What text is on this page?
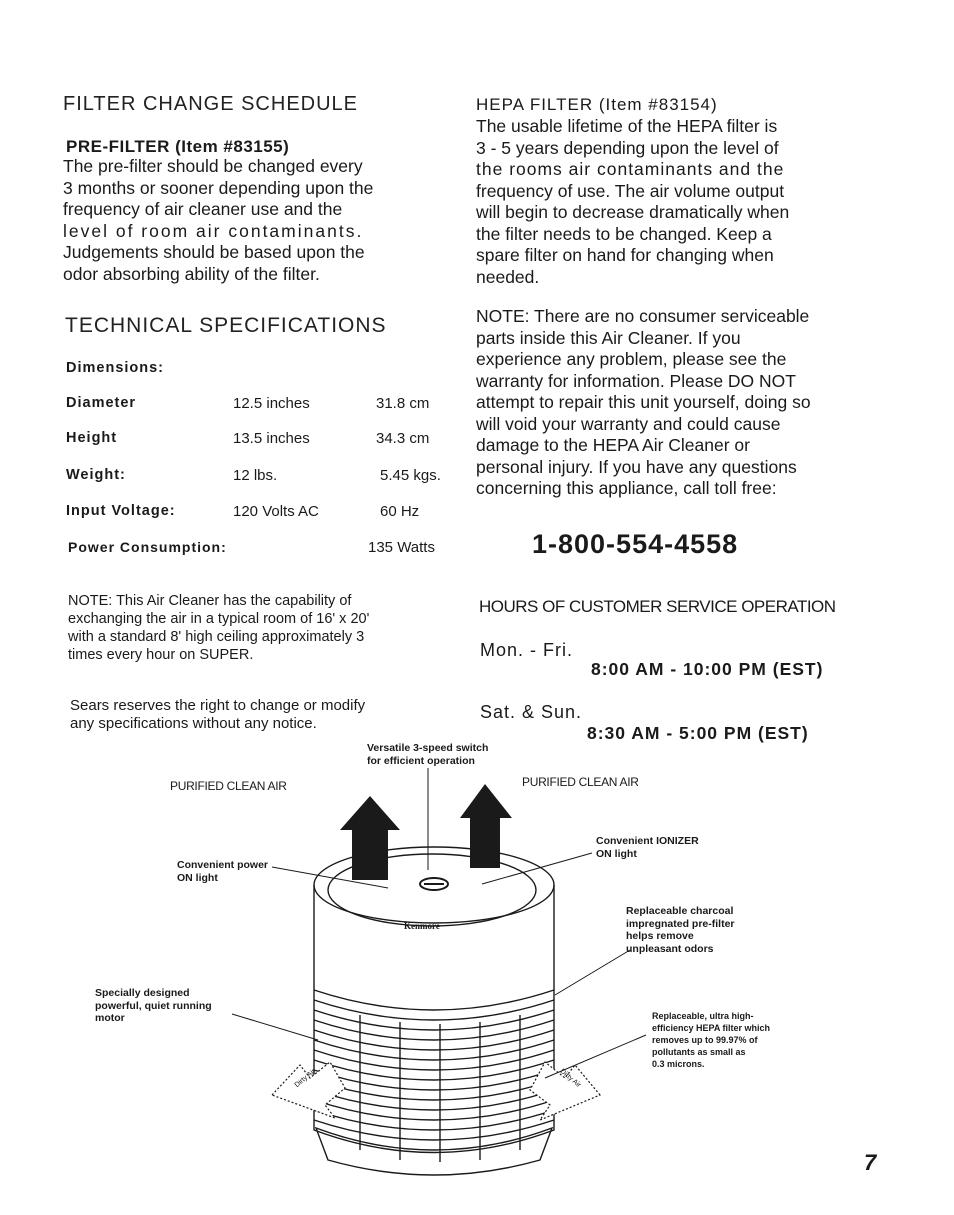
FILTER CHANGE SCHEDULE
PRE-FILTER (Item #83155)
The pre-filter should be changed every
3 months or sooner depending upon the
frequency of air cleaner use and the
level of room air contaminants.
Judgements should be based upon the
odor absorbing ability of the filter.
TECHNICAL SPECIFICATIONS
Dimensions:
Diameter	12.5 inches	31.8 cm
Height	13.5 inches	34.3 cm
Weight:	12 lbs.	5.45 kgs.
Input Voltage:	120 Volts AC	60 Hz
Power Consumption:	135 Watts
NOTE: This Air Cleaner has the capability of
exchanging the air in a typical room of 16' x 20'
with a standard 8' high ceiling approximately 3
times every hour on SUPER.
Sears reserves the right to change or modify
any specifications without any notice.
HEPA FILTER (Item #83154)
The usable lifetime of the HEPA filter is
3 - 5 years depending upon the level of
the rooms air contaminants and the
frequency of use. The air volume output
will begin to decrease dramatically when
the filter needs to be changed. Keep a
spare filter on hand for changing when
needed.
NOTE: There are no consumer serviceable
parts inside this Air Cleaner. If you
experience any problem, please see the
warranty for information. Please DO NOT
attempt to repair this unit yourself, doing so
will void your warranty and could cause
damage to the HEPA Air Cleaner or
personal injury. If you have any questions
concerning this appliance, call toll free:
1-800-554-4558
HOURS OF CUSTOMER SERVICE OPERATION
Mon. - Fri.
8:00 AM - 10:00 PM (EST)
Sat. & Sun.
8:30 AM - 5:00 PM (EST)
Versatile 3-speed switch
for efficient operation
PURIFIED CLEAN AIR	PURIFIED CLEAN AIR
Convenient IONIZER
ON light
Convenient power
ON light
Replaceable charcoal
impregnated pre-filter
helps remove
unpleasant odors
Specially designed
powerful, quiet running
motor	Replaceable, ultra high-
efficiency HEPA filter which
removes up to 99.97% of
pollutants as small as
0.3 microns.
Kenmore
Dirty Air	Dirty Air
7
